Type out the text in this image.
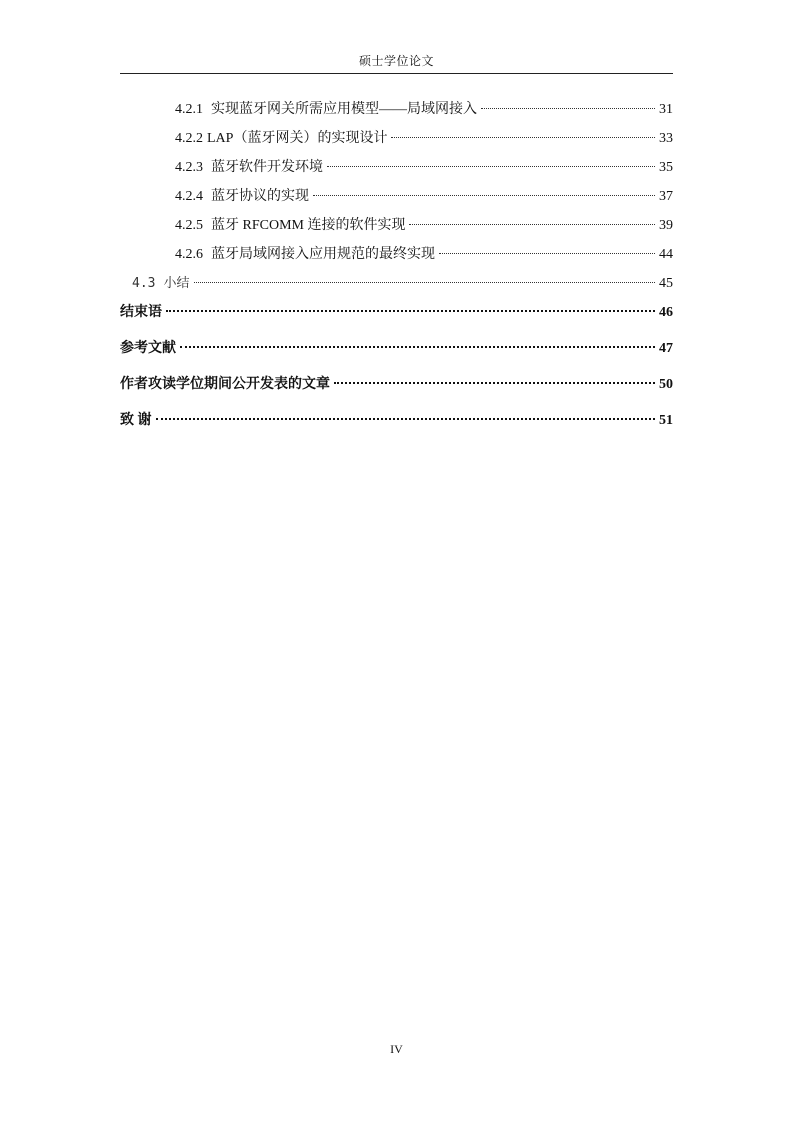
硕士学位论文
4.2.1 实现蓝牙网关所需应用模型——局域网接入	31
4.2.2 LAP（蓝牙网关）的实现设计	33
4.2.3 蓝牙软件开发环境	35
4.2.4 蓝牙协议的实现	37
4.2.5 蓝牙 RFCOMM 连接的软件实现	39
4.2.6 蓝牙局域网接入应用规范的最终实现	44
4.3 小结	45
结束语	46
参考文献	47
作者攻读学位期间公开发表的文章	50
致 谢	51
IV
